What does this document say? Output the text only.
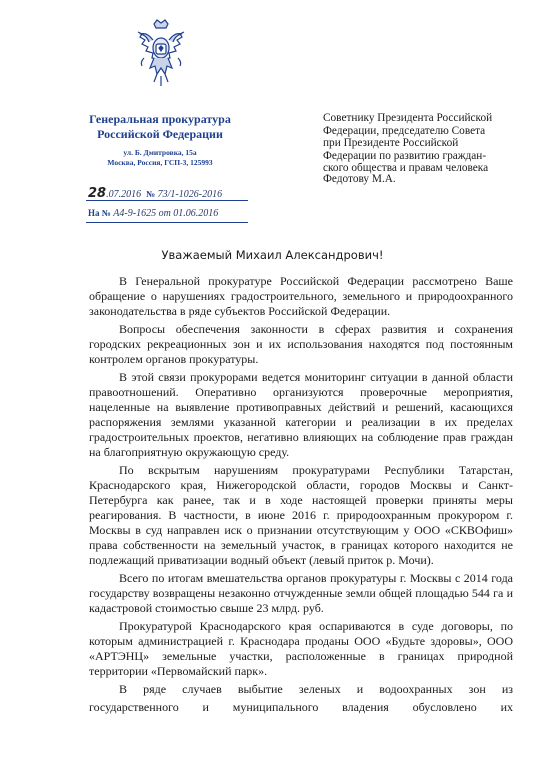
Генеральная прокуратура
Российской Федерации
ул. Б. Дмитровка, 15а
Москва, Россия, ГСП-3, 125993
28.07.2016 № 73/1-1026-2016
На № А4-9-1625 от 01.06.2016
Советнику Президента Российской
Федерации, председателю Совета
при Президенте Российской
Федерации по развитию граждан-
ского общества и правам человека
Федотову М.А.
Уважаемый Михаил Александрович!

В Генеральной прокуратуре Российской Федерации рассмотрено Ваше обращение о нарушениях градостроительного, земельного и природоохранного законодательства в ряде субъектов Российской Федерации.

Вопросы обеспечения законности в сферах развития и сохранения городских рекреационных зон и их использования находятся под постоянным контролем органов прокуратуры.

В этой связи прокурорами ведется мониторинг ситуации в данной области правоотношений. Оперативно организуются проверочные мероприятия, нацеленные на выявление противоправных действий и решений, касающихся распоряжения землями указанной категории и реализации в их пределах градостроительных проектов, негативно влияющих на соблюдение прав граждан на благоприятную окружающую среду.

По вскрытым нарушениям прокуратурами Республики Татарстан, Краснодарского края, Нижегородской области, городов Москвы и Санкт-Петербурга как ранее, так и в ходе настоящей проверки приняты меры реагирования. В частности, в июне 2016 г. природоохранным прокурором г. Москвы в суд направлен иск о признании отсутствующим у ООО «СКВОфиш» права собственности на земельный участок, в границах которого находится не подлежащий приватизации водный объект (левый приток р. Мочи).

Всего по итогам вмешательства органов прокуратуры г. Москвы с 2014 года государству возвращены незаконно отчужденные земли общей площадью 544 га и кадастровой стоимостью свыше 23 млрд. руб.

Прокуратурой Краснодарского края оспариваются в суде договоры, по которым администрацией г. Краснодара проданы ООО «Будьте здоровы», ООО «АРТЭНЦ» земельные участки, расположенные в границах природной территории «Первомайский парк».

В ряде случаев выбытие зеленых и водоохранных зон из

государственного и муниципального владения обусловлено их
